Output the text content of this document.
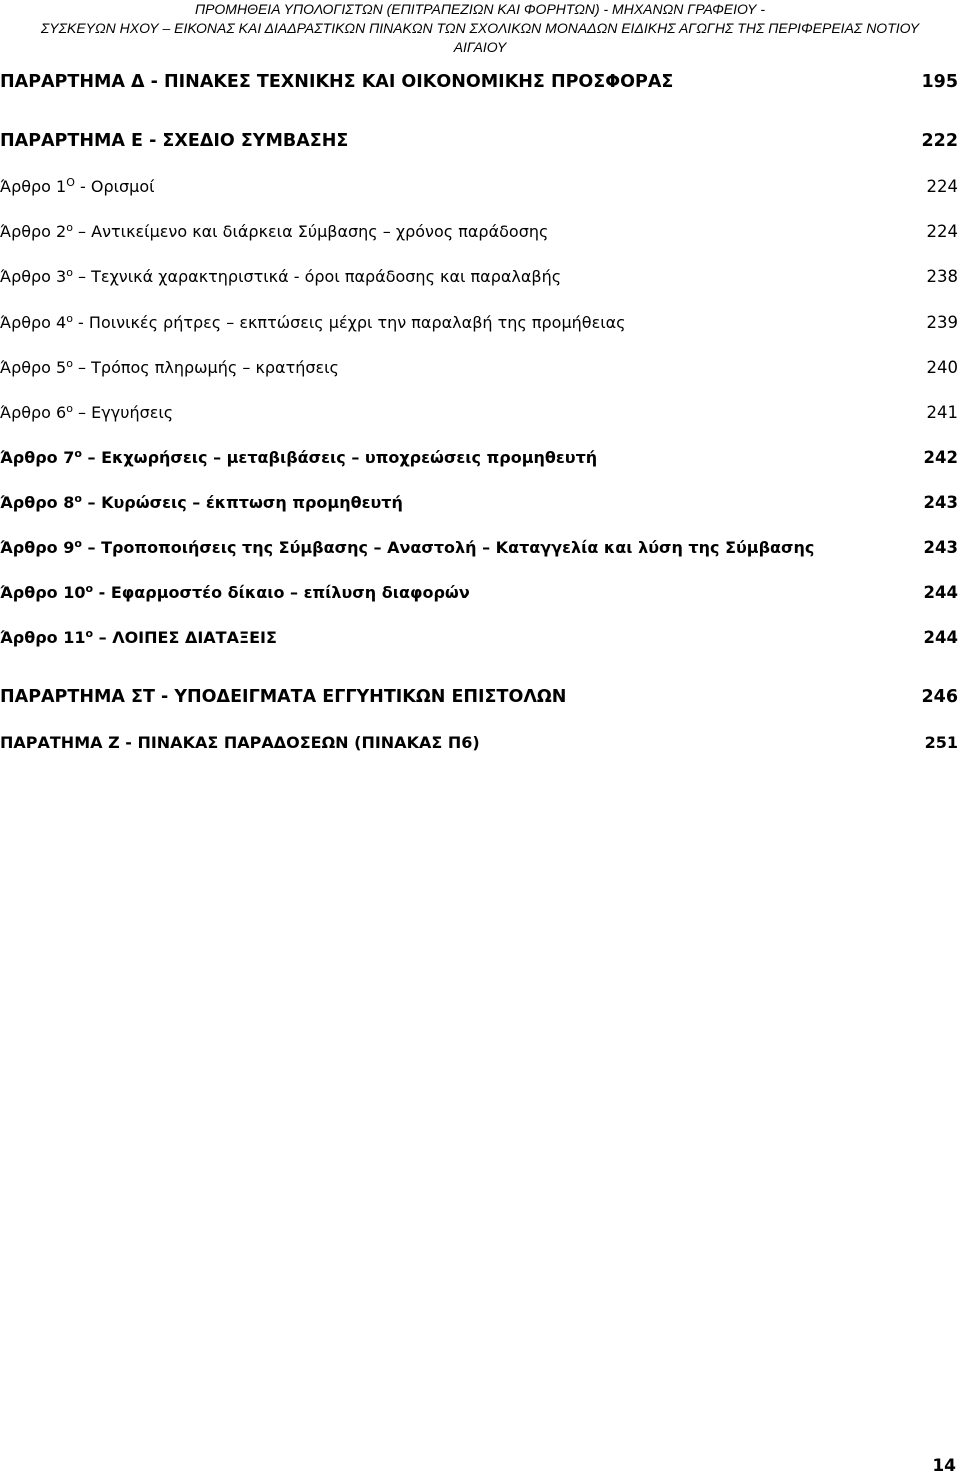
ΠΡΟΜΗΘΕΙΑ ΥΠΟΛΟΓΙΣΤΩΝ (ΕΠΙΤΡΑΠΕΖΙΩΝ ΚΑΙ ΦΟΡΗΤΩΝ) - ΜΗΧΑΝΩΝ ΓΡΑΦΕΙΟΥ -
ΣΥΣΚΕΥΩΝ ΗΧΟΥ – ΕΙΚΟΝΑΣ ΚΑΙ ΔΙΑΔΡΑΣΤΙΚΩΝ ΠΙΝΑΚΩΝ ΤΩΝ ΣΧΟΛΙΚΩΝ ΜΟΝΑΔΩΝ ΕΙΔΙΚΗΣ ΑΓΩΓΗΣ ΤΗΣ ΠΕΡΙΦΕΡΕΙΑΣ ΝΟΤΙΟΥ
ΑΙΓΑΙΟΥ
ΠΑΡΑΡΤΗΜΑ Δ - ΠΙΝΑΚΕΣ ΤΕΧΝΙΚΗΣ ΚΑΙ ΟΙΚΟΝΟΜΙΚΗΣ ΠΡΟΣΦΟΡΑΣ	195
ΠΑΡΑΡΤΗΜΑ Ε - ΣΧΕΔΙΟ ΣΥΜΒΑΣΗΣ	222
Άρθρο $1^O$ - Ορισμοί	224
Άρθρο $2^o$ – Αντικείμενο και διάρκεια Σύμβασης – χρόνος παράδοσης	224
Άρθρο $3^o$ – Τεχνικά χαρακτηριστικά - όροι παράδοσης και παραλαβής	238
Άρθρο $4^o$ - Ποινικές ρήτρες – εκπτώσεις μέχρι την παραλαβή της προμήθειας	239
Άρθρο $5^o$ – Τρόπος πληρωμής – κρατήσεις	240
Άρθρο $6^o$ – Εγγυήσεις	241
Άρθρο $7^o$ – Εκχωρήσεις – μεταβιβάσεις – υποχρεώσεις προμηθευτή	242
Άρθρο $8^o$ – Κυρώσεις – έκπτωση προμηθευτή	243
Άρθρο $9^o$ – Τροποποιήσεις της Σύμβασης – Αναστολή – Καταγγελία και λύση της Σύμβασης	243
Άρθρο $10^o$ - Εφαρμοστέο δίκαιο – επίλυση διαφορών	244
Άρθρο $11^o$ – ΛΟΙΠΕΣ ΔΙΑΤΑΞΕΙΣ	244
ΠΑΡΑΡΤΗΜΑ ΣΤ - ΥΠΟΔΕΙΓΜΑΤΑ ΕΓΓΥΗΤΙΚΩΝ ΕΠΙΣΤΟΛΩΝ	246
ΠΑΡΑΤΗΜΑ Ζ - ΠΙΝΑΚΑΣ ΠΑΡΑΔΟΣΕΩΝ (ΠΙΝΑΚΑΣ Π6)	251
14
